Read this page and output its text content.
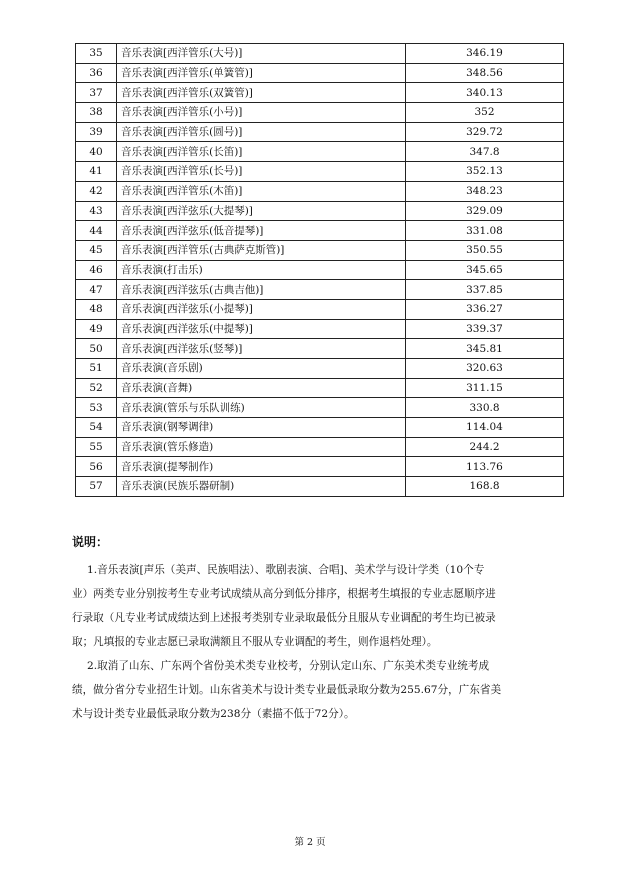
35	音乐表演[西洋管乐(大号)]	346.19
36	音乐表演[西洋管乐(单簧管)]	348.56
37	音乐表演[西洋管乐(双簧管)]	340.13
38	音乐表演[西洋管乐(小号)]	352
39	音乐表演[西洋管乐(圆号)]	329.72
40	音乐表演[西洋管乐(长笛)]	347.8
41	音乐表演[西洋管乐(长号)]	352.13
42	音乐表演[西洋管乐(木笛)]	348.23
43	音乐表演[西洋弦乐(大提琴)]	329.09
44	音乐表演[西洋弦乐(低音提琴)]	331.08
45	音乐表演[西洋管乐(古典萨克斯管)]	350.55
46	音乐表演(打击乐)	345.65
47	音乐表演[西洋弦乐(古典吉他)]	337.85
48	音乐表演[西洋弦乐(小提琴)]	336.27
49	音乐表演[西洋弦乐(中提琴)]	339.37
50	音乐表演[西洋弦乐(竖琴)]	345.81
51	音乐表演(音乐剧)	320.63
52	音乐表演(音舞)	311.15
53	音乐表演(管乐与乐队训练)	330.8
54	音乐表演(钢琴调律)	114.04
55	音乐表演(管乐修造)	244.2
56	音乐表演(提琴制作)	113.76
57	音乐表演(民族乐器研制)	168.8
说明：
1.音乐表演[声乐（美声、民族唱法）、歌剧表演、合唱]、美术学与设计学类（10个专
业）两类专业分别按考生专业考试成绩从高分到低分排序，根据考生填报的专业志愿顺序进
行录取（凡专业考试成绩达到上述报考类别专业录取最低分且服从专业调配的考生均已被录
取；凡填报的专业志愿已录取满额且不服从专业调配的考生，则作退档处理）。
2.取消了山东、广东两个省份美术类专业校考，分别认定山东、广东美术类专业统考成
绩，做分省分专业招生计划。山东省美术与设计类专业最低录取分数为255.67分，广东省美
术与设计类专业最低录取分数为238分（素描不低于72分）。
第 2 页
